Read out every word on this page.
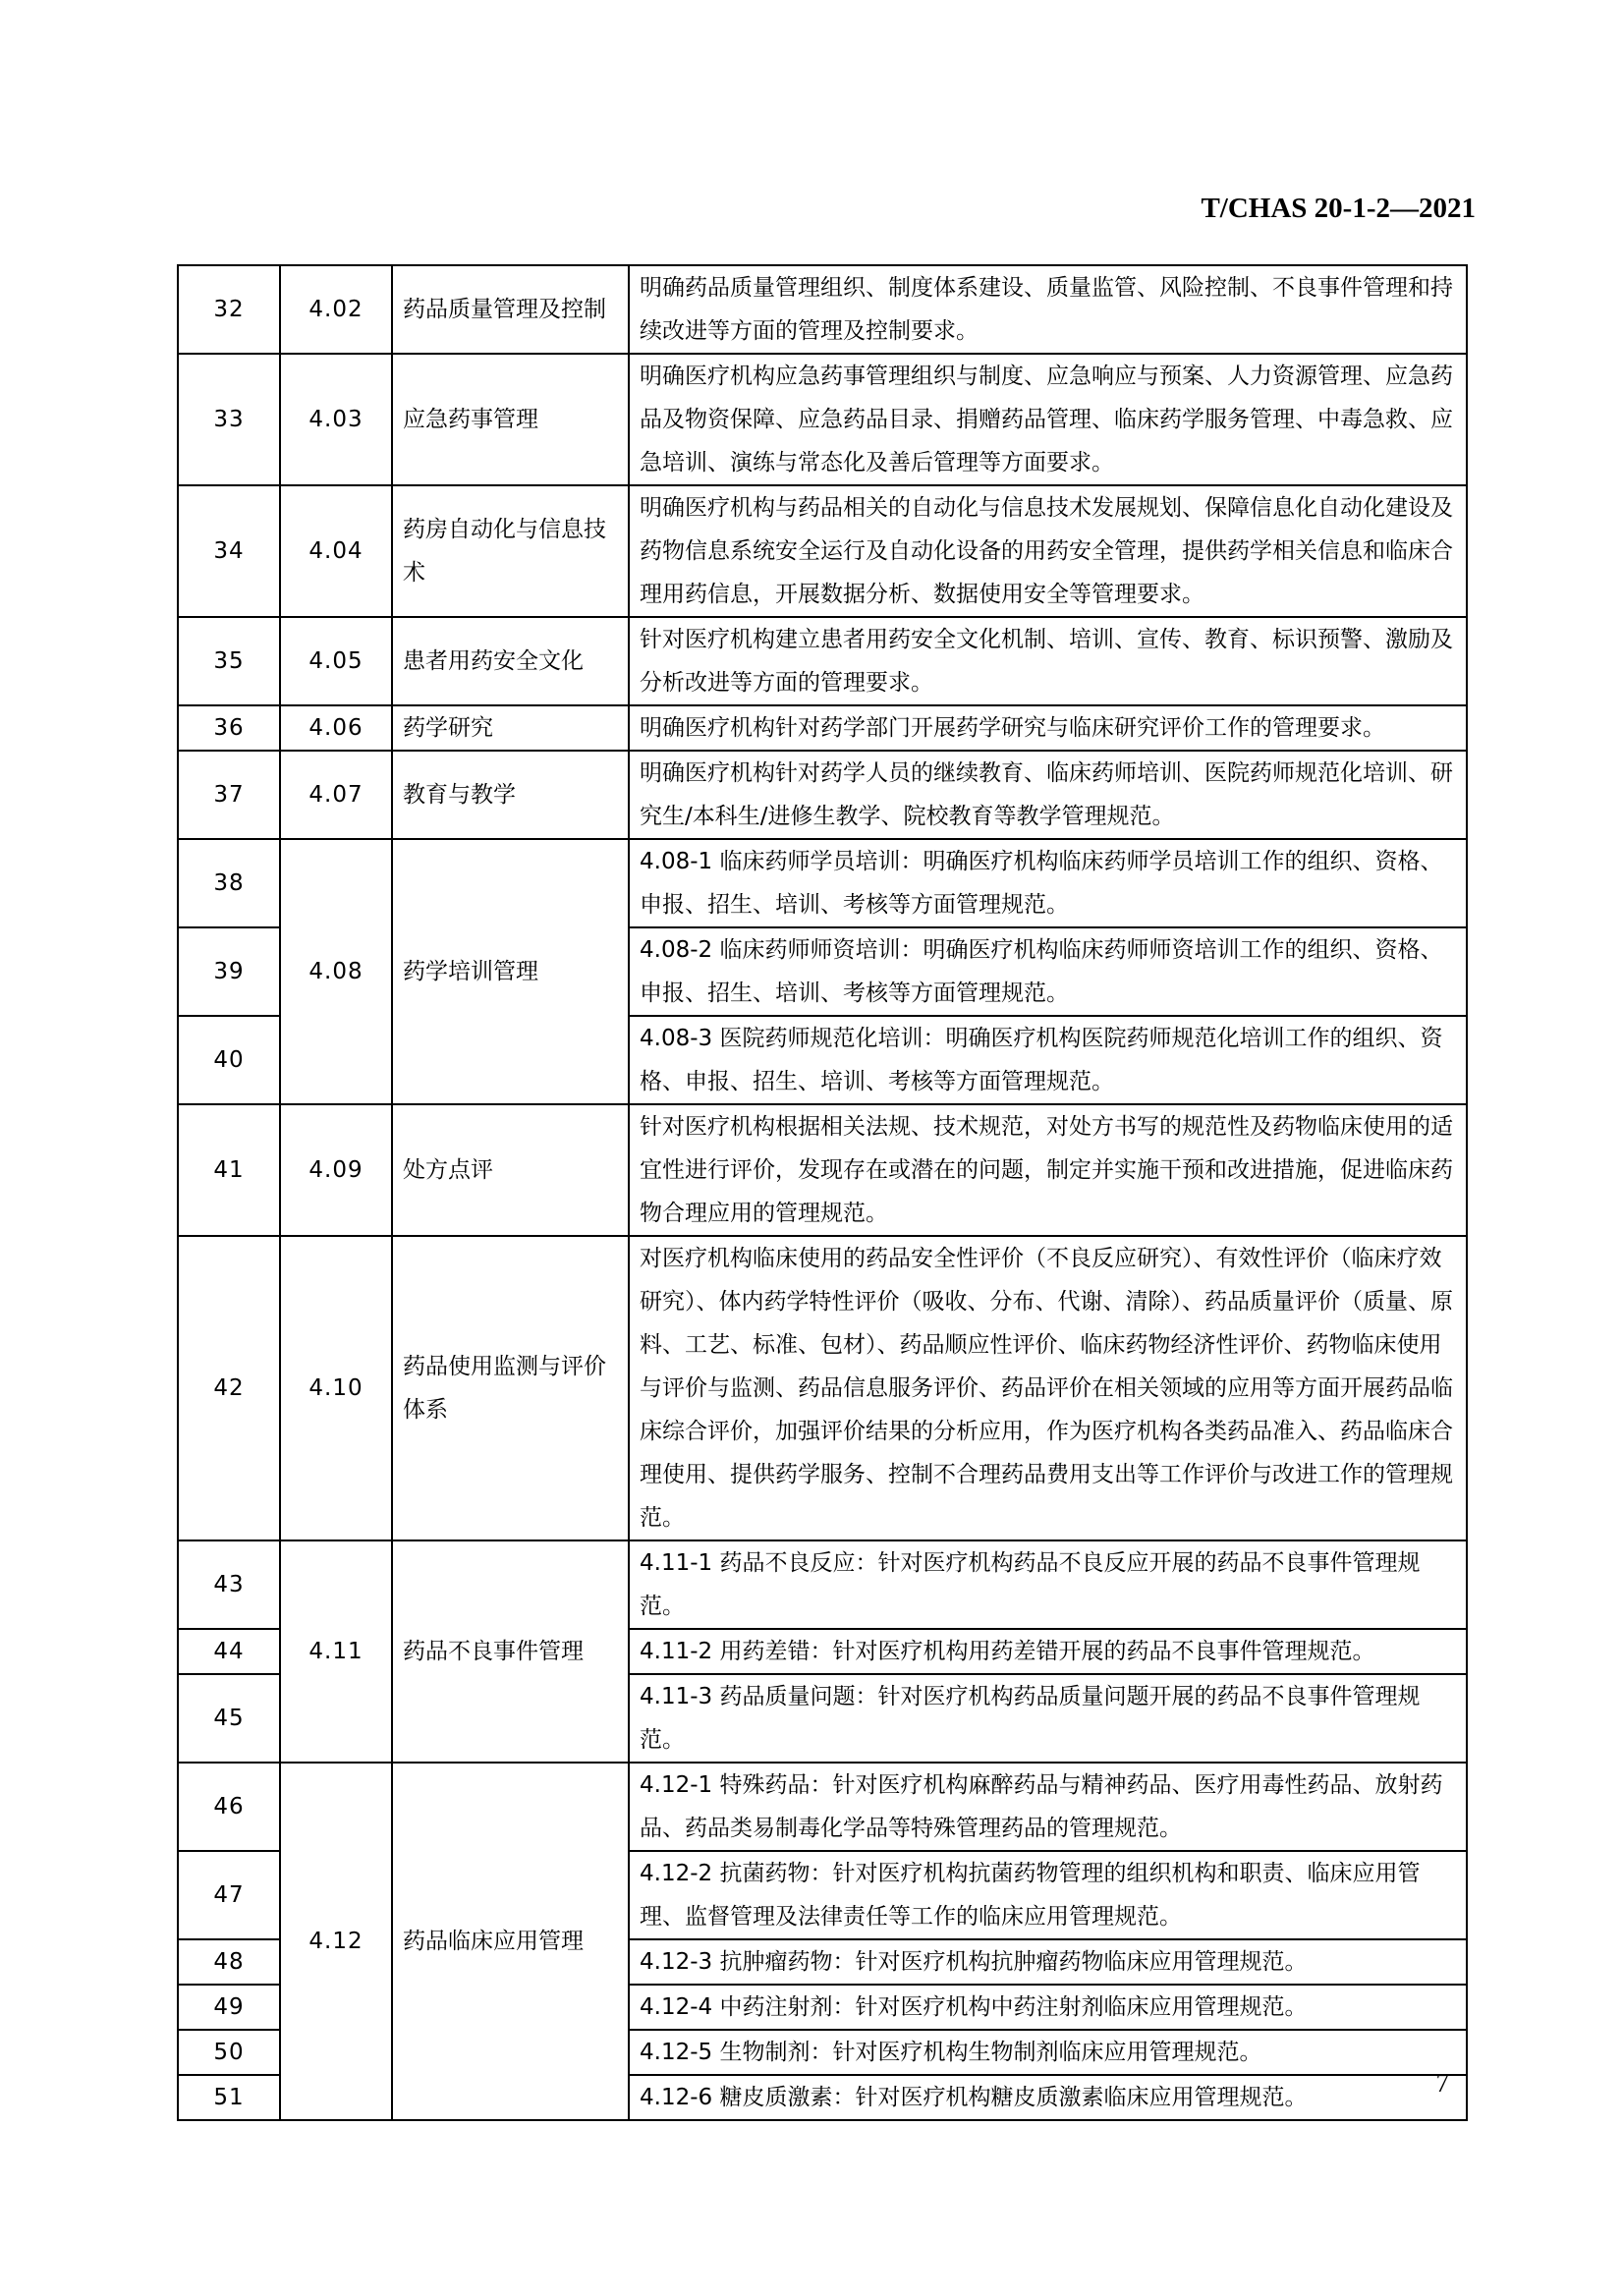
T/CHAS 20-1-2—2021
32	4.02	药品质量管理及控制	明确药品质量管理组织、制度体系建设、质量监管、风险控制、不良事件管理和持续改进等方面的管理及控制要求。
33	4.03	应急药事管理	明确医疗机构应急药事管理组织与制度、应急响应与预案、人力资源管理、应急药品及物资保障、应急药品目录、捐赠药品管理、临床药学服务管理、中毒急救、应急培训、演练与常态化及善后管理等方面要求。
34	4.04	药房自动化与信息技术	明确医疗机构与药品相关的自动化与信息技术发展规划、保障信息化自动化建设及药物信息系统安全运行及自动化设备的用药安全管理，提供药学相关信息和临床合理用药信息，开展数据分析、数据使用安全等管理要求。
35	4.05	患者用药安全文化	针对医疗机构建立患者用药安全文化机制、培训、宣传、教育、标识预警、激励及分析改进等方面的管理要求。
36	4.06	药学研究	明确医疗机构针对药学部门开展药学研究与临床研究评价工作的管理要求。
37	4.07	教育与教学	明确医疗机构针对药学人员的继续教育、临床药师培训、医院药师规范化培训、研究生/本科生/进修生教学、院校教育等教学管理规范。
38	4.08	药学培训管理	4.08-1 临床药师学员培训：明确医疗机构临床药师学员培训工作的组织、资格、申报、招生、培训、考核等方面管理规范。
39			4.08-2 临床药师师资培训：明确医疗机构临床药师师资培训工作的组织、资格、申报、招生、培训、考核等方面管理规范。
40			4.08-3 医院药师规范化培训：明确医疗机构医院药师规范化培训工作的组织、资格、申报、招生、培训、考核等方面管理规范。
41	4.09	处方点评	针对医疗机构根据相关法规、技术规范，对处方书写的规范性及药物临床使用的适宜性进行评价，发现存在或潜在的问题，制定并实施干预和改进措施，促进临床药物合理应用的管理规范。
42	4.10	药品使用监测与评价体系	对医疗机构临床使用的药品安全性评价（不良反应研究）、有效性评价（临床疗效研究）、体内药学特性评价（吸收、分布、代谢、清除）、药品质量评价（质量、原料、工艺、标准、包材）、药品顺应性评价、临床药物经济性评价、药物临床使用与评价与监测、药品信息服务评价、药品评价在相关领域的应用等方面开展药品临床综合评价，加强评价结果的分析应用，作为医疗机构各类药品准入、药品临床合理使用、提供药学服务、控制不合理药品费用支出等工作评价与改进工作的管理规范。
43	4.11	药品不良事件管理	4.11-1 药品不良反应：针对医疗机构药品不良反应开展的药品不良事件管理规范。
44			4.11-2 用药差错：针对医疗机构用药差错开展的药品不良事件管理规范。
45			4.11-3 药品质量问题：针对医疗机构药品质量问题开展的药品不良事件管理规范。
46	4.12	药品临床应用管理	4.12-1 特殊药品：针对医疗机构麻醉药品与精神药品、医疗用毒性药品、放射药品、药品类易制毒化学品等特殊管理药品的管理规范。
47			4.12-2 抗菌药物：针对医疗机构抗菌药物管理的组织机构和职责、临床应用管理、监督管理及法律责任等工作的临床应用管理规范。
48			4.12-3 抗肿瘤药物：针对医疗机构抗肿瘤药物临床应用管理规范。
49			4.12-4 中药注射剂：针对医疗机构中药注射剂临床应用管理规范。
50			4.12-5 生物制剂：针对医疗机构生物制剂临床应用管理规范。
51			4.12-6 糖皮质激素：针对医疗机构糖皮质激素临床应用管理规范。	7
